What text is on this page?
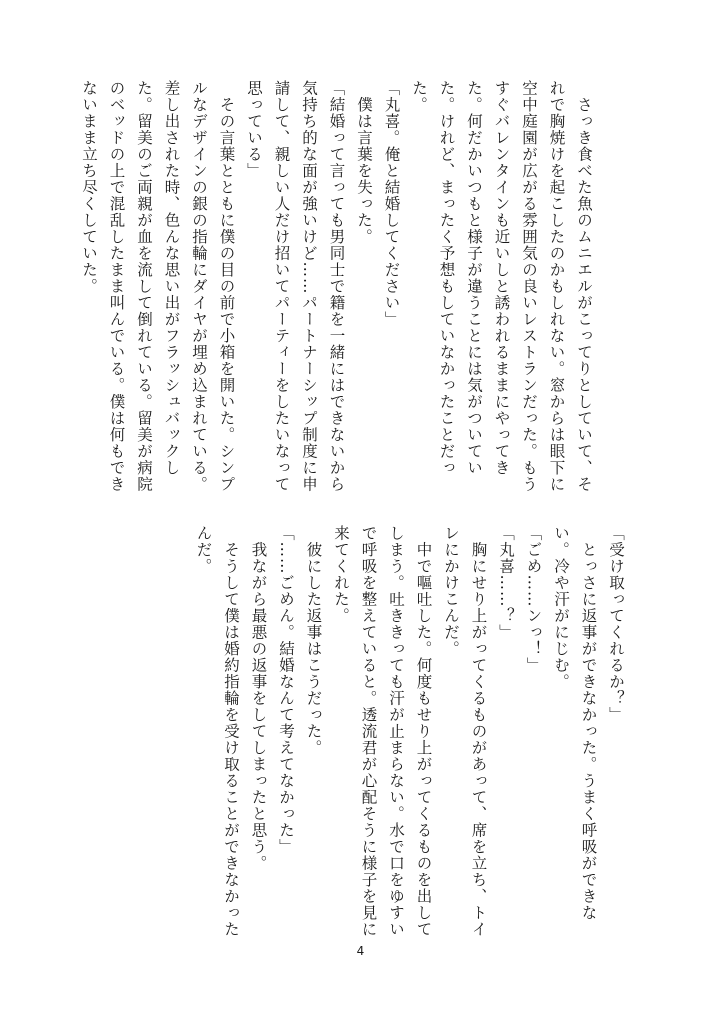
　さっき食べた魚のムニエルがこってりとしていて、それで胸焼けを起こしたのかもしれない。窓からは眼下に空中庭園が広がる雰囲気の良いレストランだった。もうすぐバレンタインも近いしと誘われるままにやってきた。何だかいつもと様子が違うことには気がついていた。けれど、まったく予想もしていなかったことだった。

「丸喜。俺と結婚してください」

　僕は言葉を失った。

「結婚って言っても男同士で籍を一緒にはできないから気持ち的な面が強いけど……パートナーシップ制度に申請して、親しい人だけ招いてパーティーをしたいなって思っている」

　その言葉とともに僕の目の前で小箱を開いた。シンプルなデザインの銀の指輪にダイヤが埋め込まれている。差し出された時、色んな思い出がフラッシュバックした。留美のご両親が血を流して倒れている。留美が病院のベッドの上で混乱したまま叫んでいる。僕は何もできないまま立ち尽くしていた。

「受け取ってくれるか？」

　とっさに返事ができなかった。うまく呼吸ができない。冷や汗がにじむ。

「ごめ……ンっ！」

「丸喜……？」

　胸にせり上がってくるものがあって、席を立ち、トイレにかけこんだ。

　中で嘔吐した。何度もせり上がってくるものを出してしまう。吐ききっても汗が止まらない。水で口をゆすいで呼吸を整えていると。透流君が心配そうに様子を見に来てくれた。

　彼にした返事はこうだった。

「……ごめん。結婚なんて考えてなかった」

　我ながら最悪の返事をしてしまったと思う。

　そうして僕は婚約指輪を受け取ることができなかったんだ。

4
